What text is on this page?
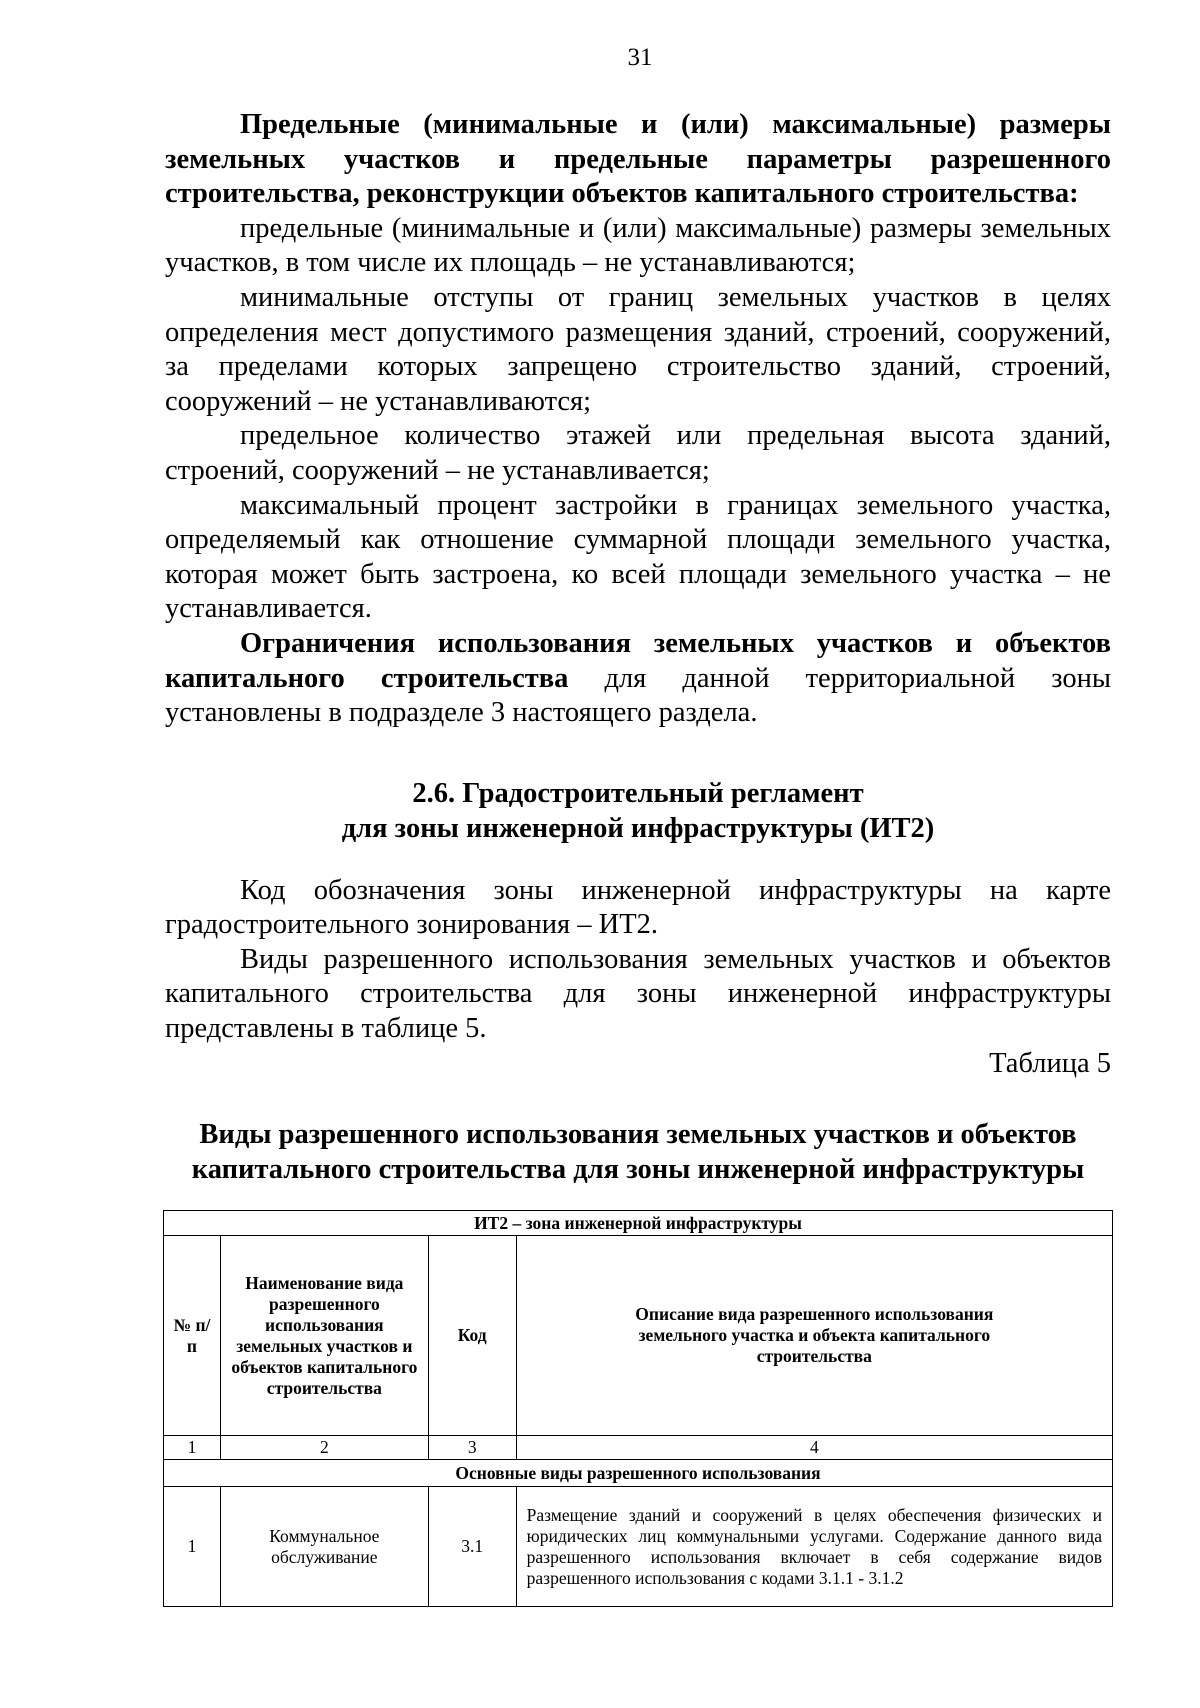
31

Предельные (минимальные и (или) максимальные) размеры земельных участков и предельные параметры разрешенного строительства, реконструкции объектов капитального строительства:

предельные (минимальные и (или) максимальные) размеры земельных участков, в том числе их площадь – не устанавливаются;

минимальные отступы от границ земельных участков в целях определения мест допустимого размещения зданий, строений, сооружений, за пределами которых запрещено строительство зданий, строений, сооружений – не устанавливаются;

предельное количество этажей или предельная высота зданий, строений, сооружений – не устанавливается;

максимальный процент застройки в границах земельного участка, определяемый как отношение суммарной площади земельного участка, которая может быть застроена, ко всей площади земельного участка – не устанавливается.

Ограничения использования земельных участков и объектов капитального строительства для данной территориальной зоны установлены в подразделе 3 настоящего раздела.

2.6. Градостроительный регламент
для зоны инженерной инфраструктуры (ИТ2)

Код обозначения зоны инженерной инфраструктуры на карте градостроительного зонирования – ИТ2.

Виды разрешенного использования земельных участков и объектов капитального строительства для зоны инженерной инфраструктуры представлены в таблице 5.

Таблица 5

Виды разрешенного использования земельных участков и объектов
капитального строительства для зоны инженерной инфраструктуры
ИТ2 – зона инженерной инфраструктуры			
№ п/п	Наименование вида разрешенного использования земельных участков и объектов капитального строительства	Код	Описание вида разрешенного использования земельного участка и объекта капитального строительства
1	2	3	4
Основные виды разрешенного использования			
1	Коммунальное обслуживание	3.1	Размещение зданий и сооружений в целях обеспечения физических и юридических лиц коммунальными услугами. Содержание данного вида разрешенного использования включает в себя содержание видов разрешенного использования с кодами 3.1.1 - 3.1.2
